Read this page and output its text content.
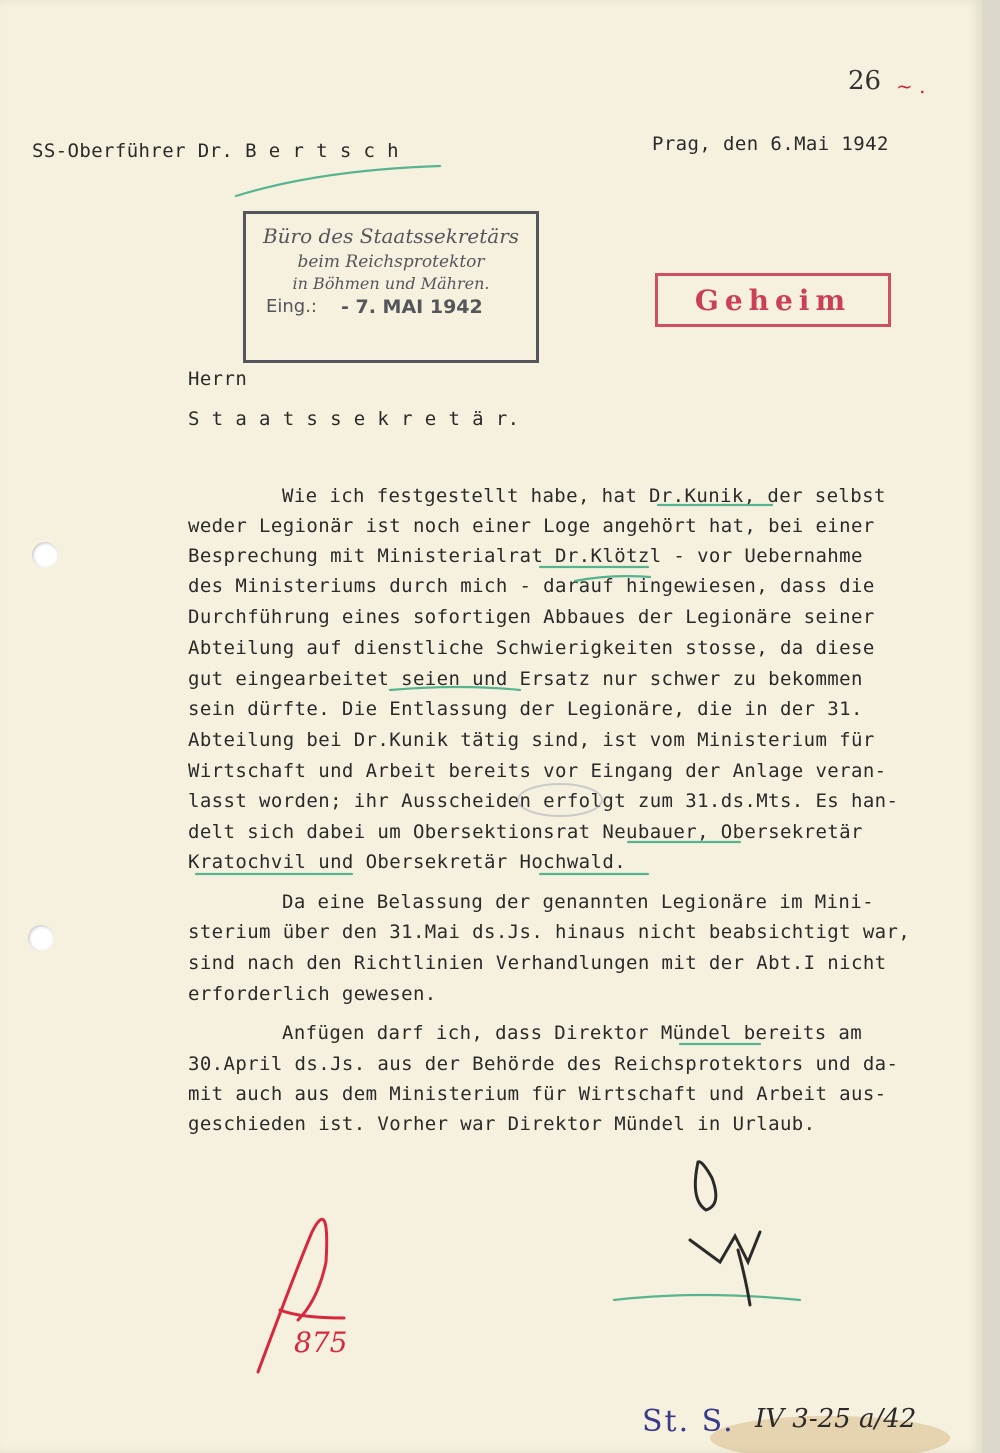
26 ~ .
SS-Oberführer Dr. B e r t s c h	Prag, den 6.Mai 1942
Büro des Staatssekretärs
beim Reichsprotektor
in Böhmen und Mähren.
Eing.: - 7. MAI 1942	Geheim
Herrn
S t a a t s s e k r e t ä r.
Wie ich festgestellt habe, hat Dr.Kunik, der selbst
weder Legionär ist noch einer Loge angehört hat, bei einer
Besprechung mit Ministerialrat Dr.Klötzl - vor Uebernahme
des Ministeriums durch mich - darauf hingewiesen, dass die
Durchführung eines sofortigen Abbaues der Legionäre seiner
Abteilung auf dienstliche Schwierigkeiten stosse, da diese
gut eingearbeitet seien und Ersatz nur schwer zu bekommen
sein dürfte. Die Entlassung der Legionäre, die in der 31.
Abteilung bei Dr.Kunik tätig sind, ist vom Ministerium für
Wirtschaft und Arbeit bereits vor Eingang der Anlage veran-
lasst worden; ihr Ausscheiden erfolgt zum 31.ds.Mts. Es han-
delt sich dabei um Obersektionsrat Neubauer, Obersekretär
Kratochvil und Obersekretär Hochwald.
Da eine Belassung der genannten Legionäre im Mini-
sterium über den 31.Mai ds.Js. hinaus nicht beabsichtigt war,
sind nach den Richtlinien Verhandlungen mit der Abt.I nicht
erforderlich gewesen.
Anfügen darf ich, dass Direktor Mündel bereits am
30.April ds.Js. aus der Behörde des Reichsprotektors und da-
mit auch aus dem Ministerium für Wirtschaft und Arbeit aus-
geschieden ist. Vorher war Direktor Mündel in Urlaub.
875
St. S. IV 3-25 a/42
